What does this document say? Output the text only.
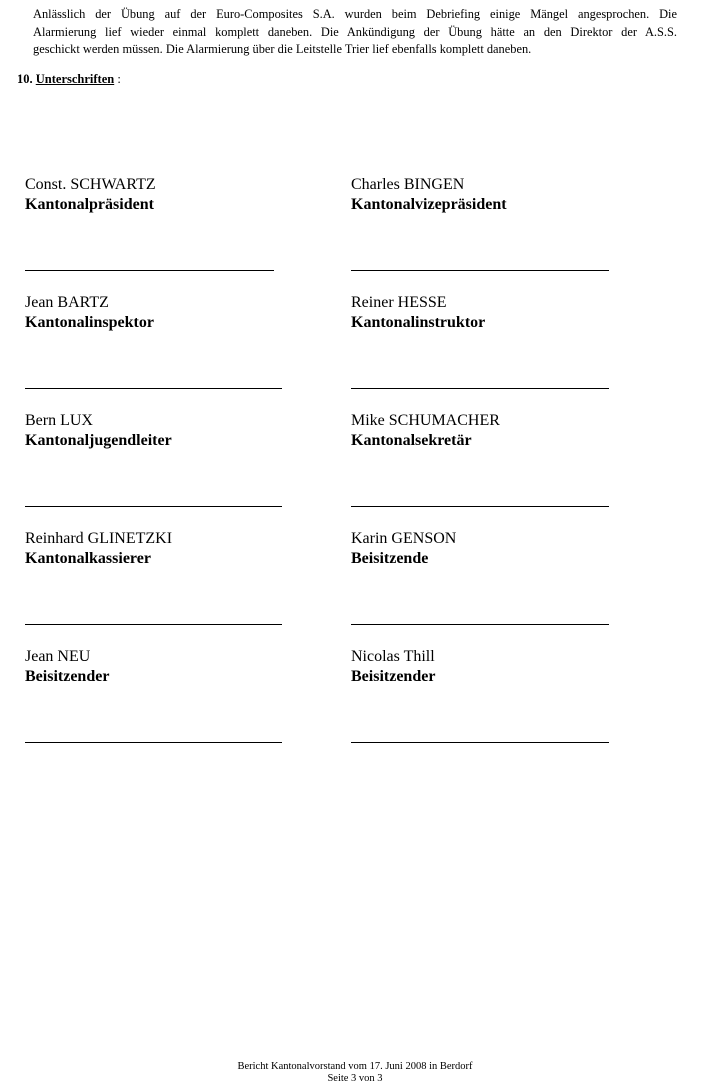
Anlässlich der Übung auf der Euro-Composites S.A. wurden beim Debriefing einige Mängel angesprochen. Die
Alarmierung lief wieder einmal komplett daneben. Die Ankündigung der Übung hätte an den Direktor der A.S.S.
geschickt werden müssen. Die Alarmierung über die Leitstelle Trier lief ebenfalls komplett daneben.

10. Unterschriften :

Const. SCHWARTZ
Kantonalpräsident
Charles BINGEN
Kantonalvizepräsident
Jean BARTZ
Kantonalinspektor
Reiner HESSE
Kantonalinstruktor
Bern LUX
Kantonaljugendleiter
Mike SCHUMACHER
Kantonalsekretär
Reinhard GLINETZKI
Kantonalkassierer
Karin GENSON
Beisitzende
Jean NEU
Beisitzender
Nicolas Thill
Beisitzender
Bericht Kantonalvorstand vom 17. Juni 2008 in Berdorf
Seite 3 von 3
